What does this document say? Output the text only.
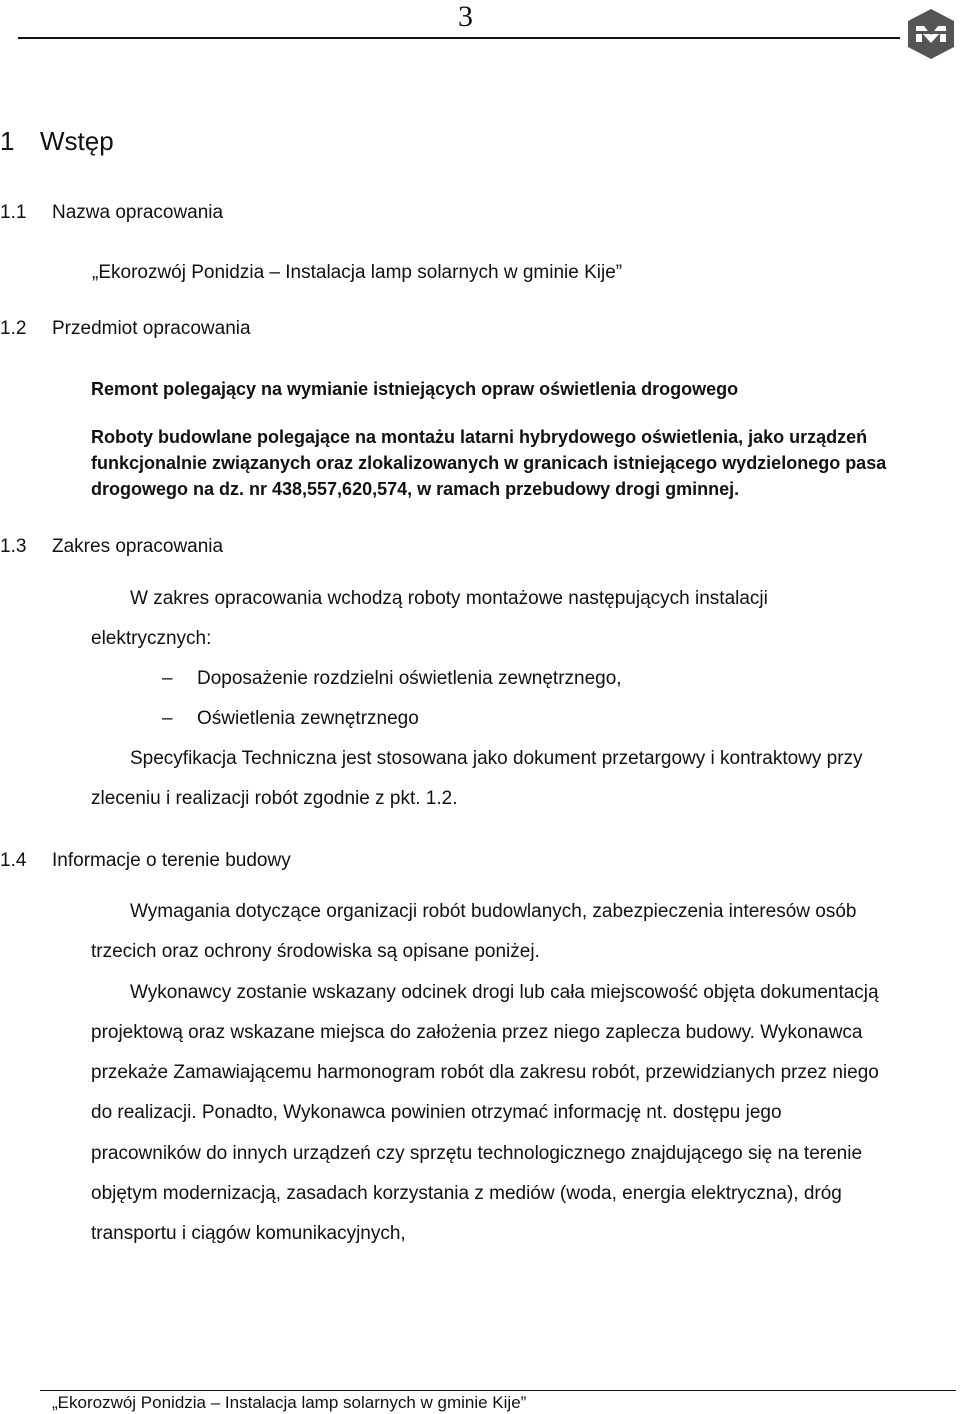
3
1 Wstęp
1.1 Nazwa opracowania
„Ekorozwój Ponidzia – Instalacja lamp solarnych w gminie Kije”
1.2 Przedmiot opracowania
Remont polegający na wymianie istniejących opraw oświetlenia drogowego
Roboty budowlane polegające na montażu latarni hybrydowego oświetlenia, jako urządzeń
funkcjonalnie związanych oraz zlokalizowanych w granicach istniejącego wydzielonego pasa
drogowego na dz. nr 438,557,620,574, w ramach przebudowy drogi gminnej.
1.3 Zakres opracowania
W zakres opracowania wchodzą roboty montażowe następujących instalacji
elektrycznych:
– Doposażenie rozdzielni oświetlenia zewnętrznego,
– Oświetlenia zewnętrznego
Specyfikacja Techniczna jest stosowana jako dokument przetargowy i kontraktowy przy
zleceniu i realizacji robót zgodnie z pkt. 1.2.
1.4 Informacje o terenie budowy
Wymagania dotyczące organizacji robót budowlanych, zabezpieczenia interesów osób
trzecich oraz ochrony środowiska są opisane poniżej.
Wykonawcy zostanie wskazany odcinek drogi lub cała miejscowość objęta dokumentacją
projektową oraz wskazane miejsca do założenia przez niego zaplecza budowy. Wykonawca
przekaże Zamawiającemu harmonogram robót dla zakresu robót, przewidzianych przez niego
do realizacji. Ponadto, Wykonawca powinien otrzymać informację nt. dostępu jego
pracowników do innych urządzeń czy sprzętu technologicznego znajdującego się na terenie
objętym modernizacją, zasadach korzystania z mediów (woda, energia elektryczna), dróg
transportu i ciągów komunikacyjnych,
„Ekorozwój Ponidzia – Instalacja lamp solarnych w gminie Kije”
